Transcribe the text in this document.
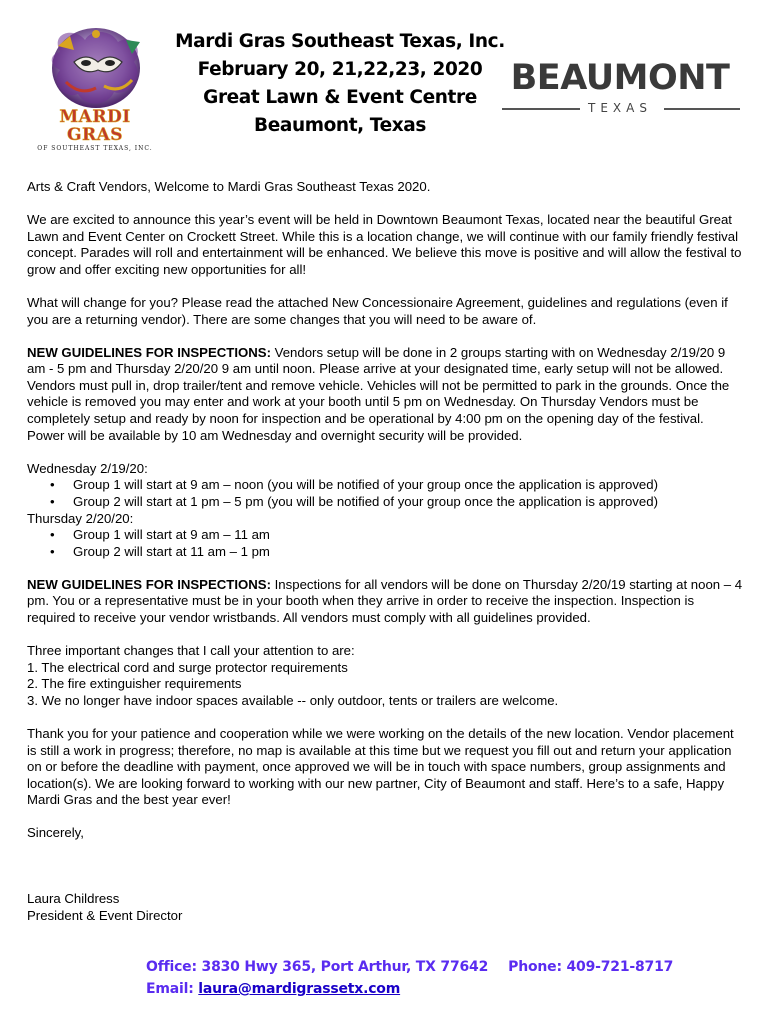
MARDI GRAS
OF SOUTHEAST TEXAS, INC.
Mardi Gras Southeast Texas, Inc.
February 20, 21,22,23, 2020
Great Lawn & Event Centre
Beaumont, Texas
BEAUMONT
TEXAS

Arts & Craft Vendors, Welcome to Mardi Gras Southeast Texas 2020.

We are excited to announce this year’s event will be held in Downtown Beaumont Texas, located near the beautiful Great Lawn and Event Center on Crockett Street. While this is a location change, we will continue with our family friendly festival concept. Parades will roll and entertainment will be enhanced. We believe this move is positive and will allow the festival to grow and offer exciting new opportunities for all!

What will change for you? Please read the attached New Concessionaire Agreement, guidelines and regulations (even if you are a returning vendor). There are some changes that you will need to be aware of.

NEW GUIDELINES FOR INSPECTIONS: Vendors setup will be done in 2 groups starting with on Wednesday 2/19/20 9 am - 5 pm and Thursday 2/20/20 9 am until noon. Please arrive at your designated time, early setup will not be allowed. Vendors must pull in, drop trailer/tent and remove vehicle. Vehicles will not be permitted to park in the grounds. Once the vehicle is removed you may enter and work at your booth until 5 pm on Wednesday. On Thursday Vendors must be completely setup and ready by noon for inspection and be operational by 4:00 pm on the opening day of the festival. Power will be available by 10 am Wednesday and overnight security will be provided.

Wednesday 2/19/20:
• Group 1 will start at 9 am – noon (you will be notified of your group once the application is approved)
• Group 2 will start at 1 pm – 5 pm (you will be notified of your group once the application is approved)
Thursday 2/20/20:
• Group 1 will start at 9 am – 11 am
• Group 2 will start at 11 am – 1 pm

NEW GUIDELINES FOR INSPECTIONS: Inspections for all vendors will be done on Thursday 2/20/19 starting at noon – 4 pm. You or a representative must be in your booth when they arrive in order to receive the inspection. Inspection is required to receive your vendor wristbands. All vendors must comply with all guidelines provided.

Three important changes that I call your attention to are:
1. The electrical cord and surge protector requirements
2. The fire extinguisher requirements
3. We no longer have indoor spaces available -- only outdoor, tents or trailers are welcome.

Thank you for your patience and cooperation while we were working on the details of the new location. Vendor placement is still a work in progress; therefore, no map is available at this time but we request you fill out and return your application on or before the deadline with payment, once approved we will be in touch with space numbers, group assignments and location(s). We are looking forward to working with our new partner, City of Beaumont and staff. Here’s to a safe, Happy Mardi Gras and the best year ever!

Sincerely,
Laura Childress
President & Event Director
Office: 3830 Hwy 365, Port Arthur, TX 77642 Phone: 409-721-8717
Email: laura@mardigrassetx.com
